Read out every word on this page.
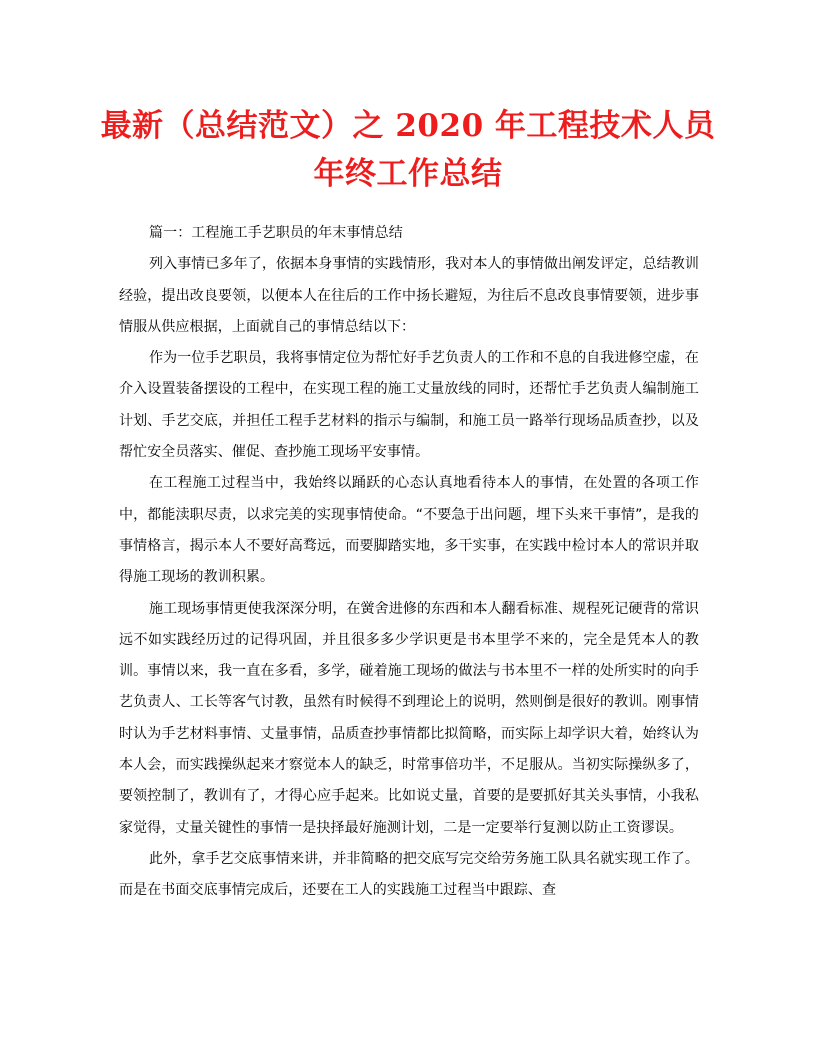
最新（总结范文）之 2020 年工程技术人员年终工作总结

篇一：工程施工手艺职员的年末事情总结

列入事情已多年了，依据本身事情的实践情形，我对本人的事情做出阐发评定，总结教训经验，提出改良要领，以便本人在往后的工作中扬长避短，为往后不息改良事情要领，进步事情服从供应根据，上面就自己的事情总结以下：

作为一位手艺职员，我将事情定位为帮忙好手艺负责人的工作和不息的自我进修空虚，在介入设置装备摆设的工程中，在实现工程的施工丈量放线的同时，还帮忙手艺负责人编制施工计划、手艺交底，并担任工程手艺材料的指示与编制，和施工员一路举行现场品质查抄，以及帮忙安全员落实、催促、查抄施工现场平安事情。

在工程施工过程当中，我始终以踊跃的心态认真地看待本人的事情，在处置的各项工作中，都能渎职尽责，以求完美的实现事情使命。“不要急于出问题，埋下头来干事情”，是我的事情格言，揭示本人不要好高骛远，而要脚踏实地，多干实事，在实践中检讨本人的常识并取得施工现场的教训积累。

施工现场事情更使我深深分明，在黉舍进修的东西和本人翻看标准、规程死记硬背的常识远不如实践经历过的记得巩固，并且很多多少学识更是书本里学不来的，完全是凭本人的教训。事情以来，我一直在多看，多学，碰着施工现场的做法与书本里不一样的处所实时的向手艺负责人、工长等客气讨教，虽然有时候得不到理论上的说明，然则倒是很好的教训。刚事情时认为手艺材料事情、丈量事情，品质查抄事情都比拟简略，而实际上却学识大着，始终认为本人会，而实践操纵起来才察觉本人的缺乏，时常事倍功半，不足服从。当初实际操纵多了，要领控制了，教训有了，才得心应手起来。比如说丈量，首要的是要抓好其关头事情，小我私家觉得，丈量关键性的事情一是抉择最好施测计划，二是一定要举行复测以防止工资谬误。

此外，拿手艺交底事情来讲，并非简略的把交底写完交给劳务施工队具名就实现工作了。而是在书面交底事情完成后，还要在工人的实践施工过程当中跟踪、查
